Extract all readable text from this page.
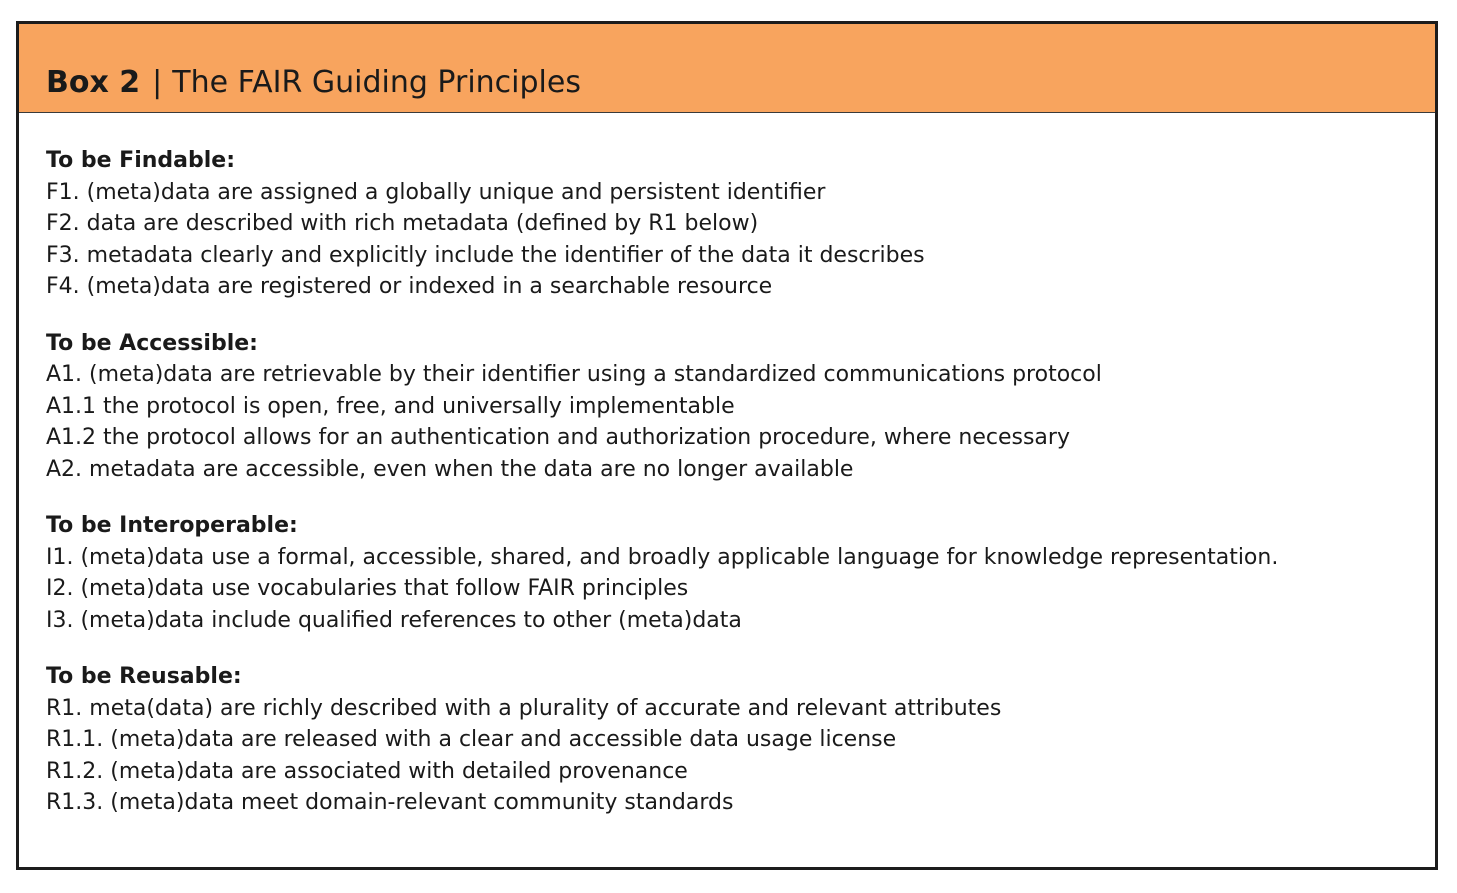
Box 2 | The FAIR Guiding Principles
To be Findable:
F1. (meta)data are assigned a globally unique and persistent identifier
F2. data are described with rich metadata (defined by R1 below)
F3. metadata clearly and explicitly include the identifier of the data it describes
F4. (meta)data are registered or indexed in a searchable resource
To be Accessible:
A1. (meta)data are retrievable by their identifier using a standardized communications protocol
A1.1 the protocol is open, free, and universally implementable
A1.2 the protocol allows for an authentication and authorization procedure, where necessary
A2. metadata are accessible, even when the data are no longer available
To be Interoperable:
I1. (meta)data use a formal, accessible, shared, and broadly applicable language for knowledge representation.
I2. (meta)data use vocabularies that follow FAIR principles
I3. (meta)data include qualified references to other (meta)data
To be Reusable:
R1. meta(data) are richly described with a plurality of accurate and relevant attributes
R1.1. (meta)data are released with a clear and accessible data usage license
R1.2. (meta)data are associated with detailed provenance
R1.3. (meta)data meet domain-relevant community standards
